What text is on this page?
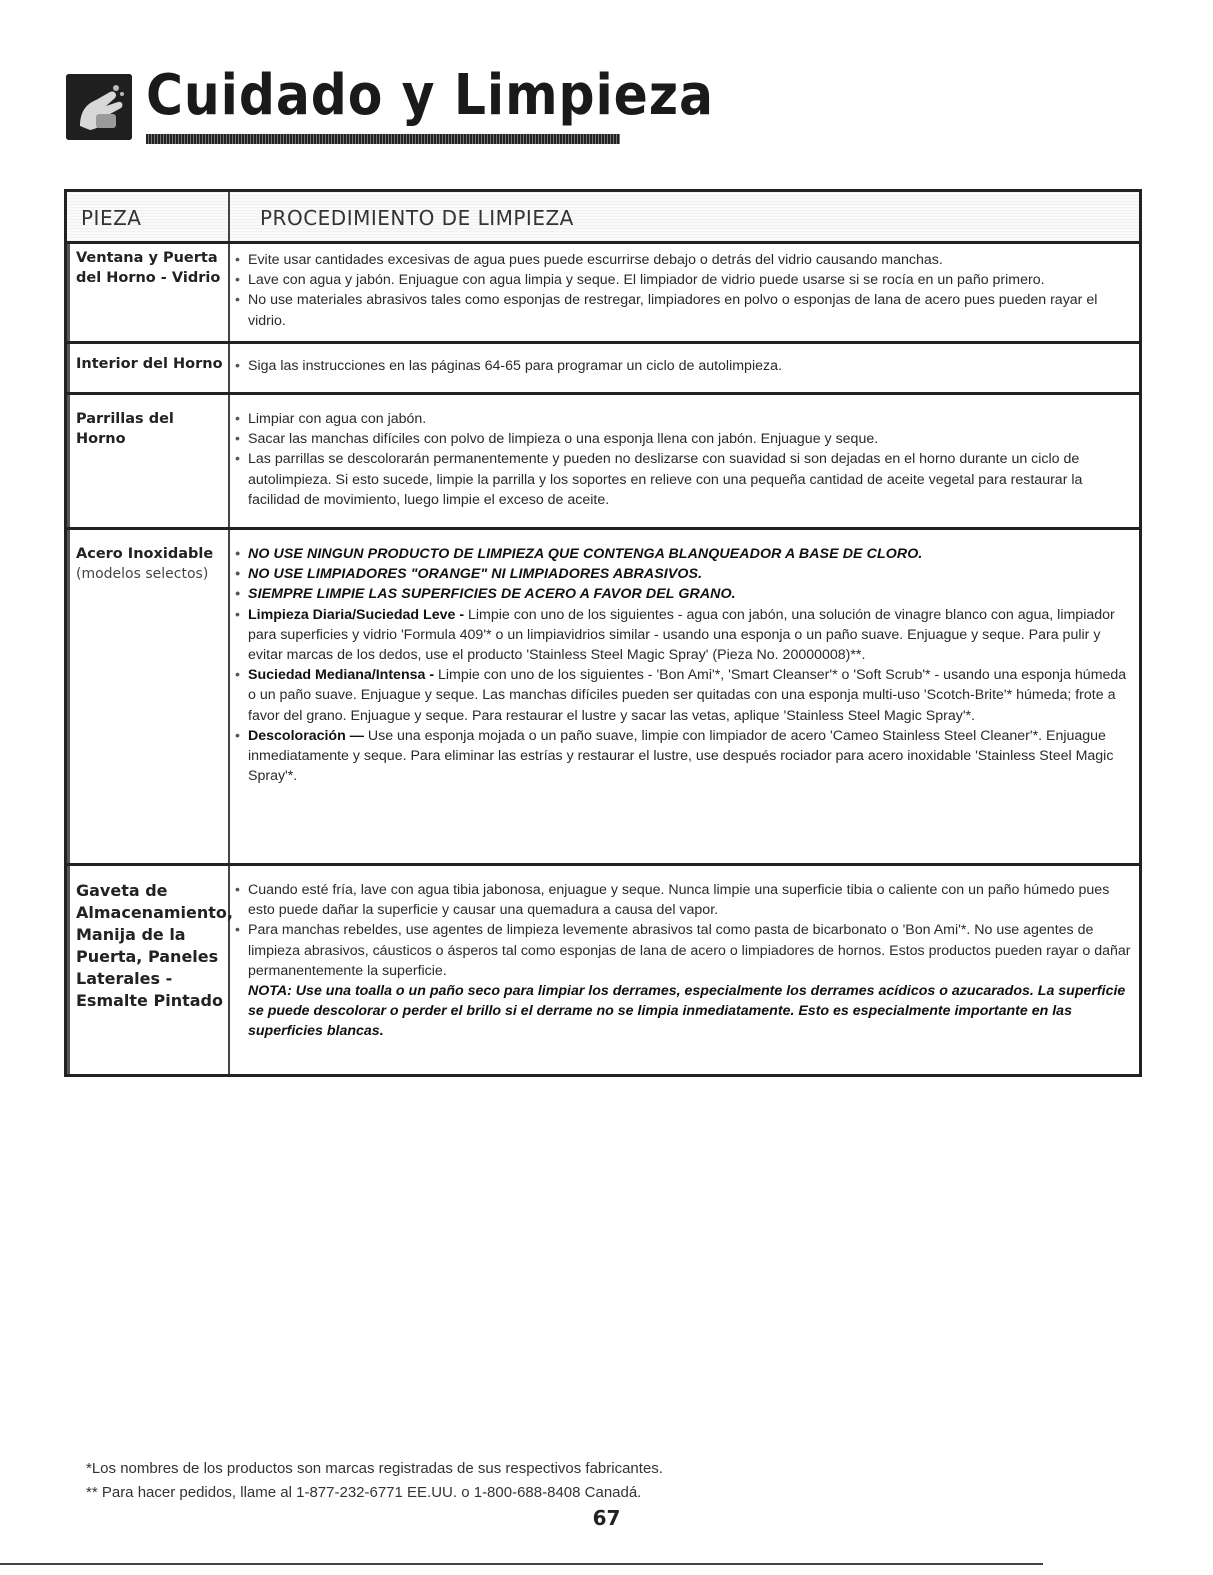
Cuidado y Limpieza
PIEZA	PROCEDIMIENTO DE LIMPIEZA
Ventana y Puerta del Horno - Vidrio
• Evite usar cantidades excesivas de agua pues puede escurrirse debajo o detrás del vidrio causando manchas.
• Lave con agua y jabón. Enjuague con agua limpia y seque. El limpiador de vidrio puede usarse si se rocía en un paño primero.
• No use materiales abrasivos tales como esponjas de restregar, limpiadores en polvo o esponjas de lana de acero pues pueden rayar el vidrio.
Interior del Horno
•	Siga las instrucciones en las páginas 64-65 para programar un ciclo de autolimpieza.
Parrillas del Horno
• Limpiar con agua con jabón.
• Sacar las manchas difíciles con polvo de limpieza o una esponja llena con jabón. Enjuague y seque.
• Las parrillas se descolorarán permanentemente y pueden no deslizarse con suavidad si son dejadas en el horno durante un ciclo de autolimpieza. Si esto sucede, limpie la parrilla y los soportes en relieve con una pequeña cantidad de aceite vegetal para restaurar la facilidad de movimiento, luego limpie el exceso de aceite.
Acero Inoxidable
(modelos selectos)
• NO USE NINGUN PRODUCTO DE LIMPIEZA QUE CONTENGA BLANQUEADOR A BASE DE CLORO.
• NO USE LIMPIADORES "ORANGE" NI LIMPIADORES ABRASIVOS.
• SIEMPRE LIMPIE LAS SUPERFICIES DE ACERO A FAVOR DEL GRANO.
• Limpieza Diaria/Suciedad Leve - Limpie con uno de los siguientes - agua con jabón, una solución de vinagre blanco con agua, limpiador para superficies y vidrio 'Formula 409'* o un limpiavidrios similar - usando una esponja o un paño suave. Enjuague y seque. Para pulir y evitar marcas de los dedos, use el producto 'Stainless Steel Magic Spray' (Pieza No. 20000008)**.
• Suciedad Mediana/Intensa - Limpie con uno de los siguientes - 'Bon Ami'*, 'Smart Cleanser'* o 'Soft Scrub'* - usando una esponja húmeda o un paño suave. Enjuague y seque. Las manchas difíciles pueden ser quitadas con una esponja multi-uso 'Scotch-Brite'* húmeda; frote a favor del grano. Enjuague y seque. Para restaurar el lustre y sacar las vetas, aplique 'Stainless Steel Magic Spray'*.
• Descoloración — Use una esponja mojada o un paño suave, limpie con limpiador de acero 'Cameo Stainless Steel Cleaner'*. Enjuague inmediatamente y seque. Para eliminar las estrías y restaurar el lustre, use después rociador para acero inoxidable 'Stainless Steel Magic Spray'*.
Gaveta de Almacenamiento, Manija de la Puerta, Paneles Laterales - Esmalte Pintado
• Cuando esté fría, lave con agua tibia jabonosa, enjuague y seque. Nunca limpie una superficie tibia o caliente con un paño húmedo pues esto puede dañar la superficie y causar una quemadura a causa del vapor.
• Para manchas rebeldes, use agentes de limpieza levemente abrasivos tal como pasta de bicarbonato o 'Bon Ami'*. No use agentes de limpieza abrasivos, cáusticos o ásperos tal como esponjas de lana de acero o limpiadores de hornos. Estos productos pueden rayar o dañar permanentemente la superficie.
NOTA: Use una toalla o un paño seco para limpiar los derrames, especialmente los derrames acídicos o azucarados. La superficie se puede descolorar o perder el brillo si el derrame no se limpia inmediatamente. Esto es especialmente importante en las superficies blancas.
*Los nombres de los productos son marcas registradas de sus respectivos fabricantes.
** Para hacer pedidos, llame al 1-877-232-6771 EE.UU. o 1-800-688-8408 Canadá.
67
